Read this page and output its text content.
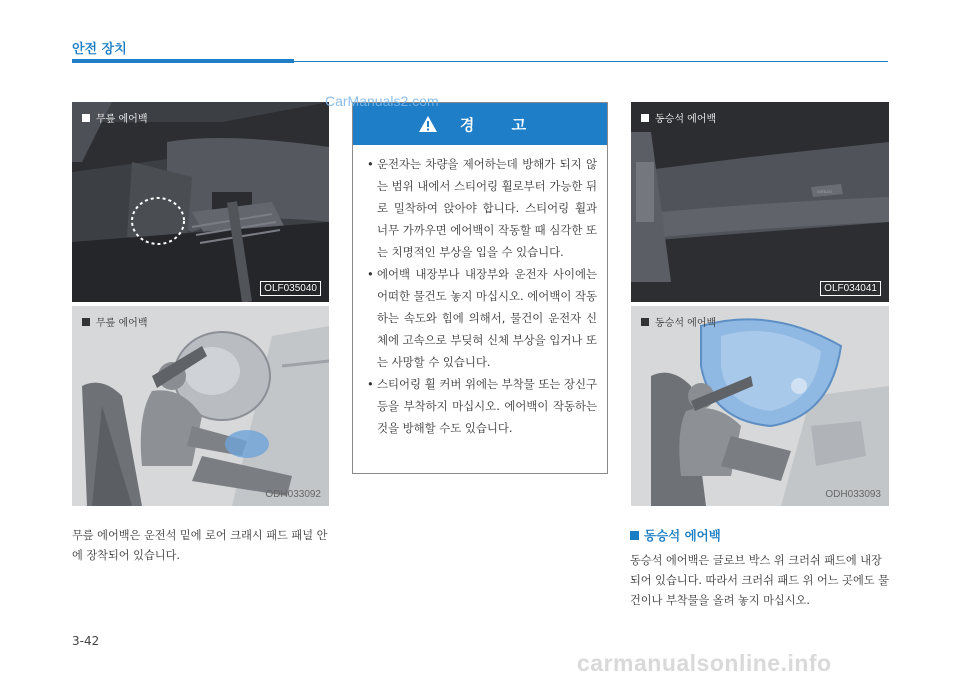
안전 장치
무릎 에어백
OLF035040
무릎 에어백
ODH033092
경 고
• 운전자는 차량을 제어하는데 방해가 되지 않는 범위 내에서 스티어링 휠로부터 가능한 뒤로 밀착하여 앉아야 합니다. 스티어링 휠과 너무 가까우면 에어백이 작동할 때 심각한 또는 치명적인 부상을 입을 수 있습니다.
• 에어백 내장부나 내장부와 운전자 사이에는 어떠한 물건도 놓지 마십시오. 에어백이 작동하는 속도와 힘에 의해서, 물건이 운전자 신체에 고속으로 부딪혀 신체 부상을 입거나 또는 사망할 수 있습니다.
• 스티어링 휠 커버 위에는 부착물 또는 장신구 등을 부착하지 마십시오. 에어백이 작동하는 것을 방해할 수도 있습니다.
AIRBAG
동승석 에어백
OLF034041
동승석 에어백
ODH033093
CarManuals2.com
무릎 에어백은 운전석 밑에 로어 크래시 패드 패널 안에 장착되어 있습니다.
동승석 에어백
동승석 에어백은 글로브 박스 위 크러쉬 패드에 내장되어 있습니다. 따라서 크러쉬 패드 위 어느 곳에도 물건이나 부착물을 올려 놓지 마십시오.
3-42
carmanualsonline.info
